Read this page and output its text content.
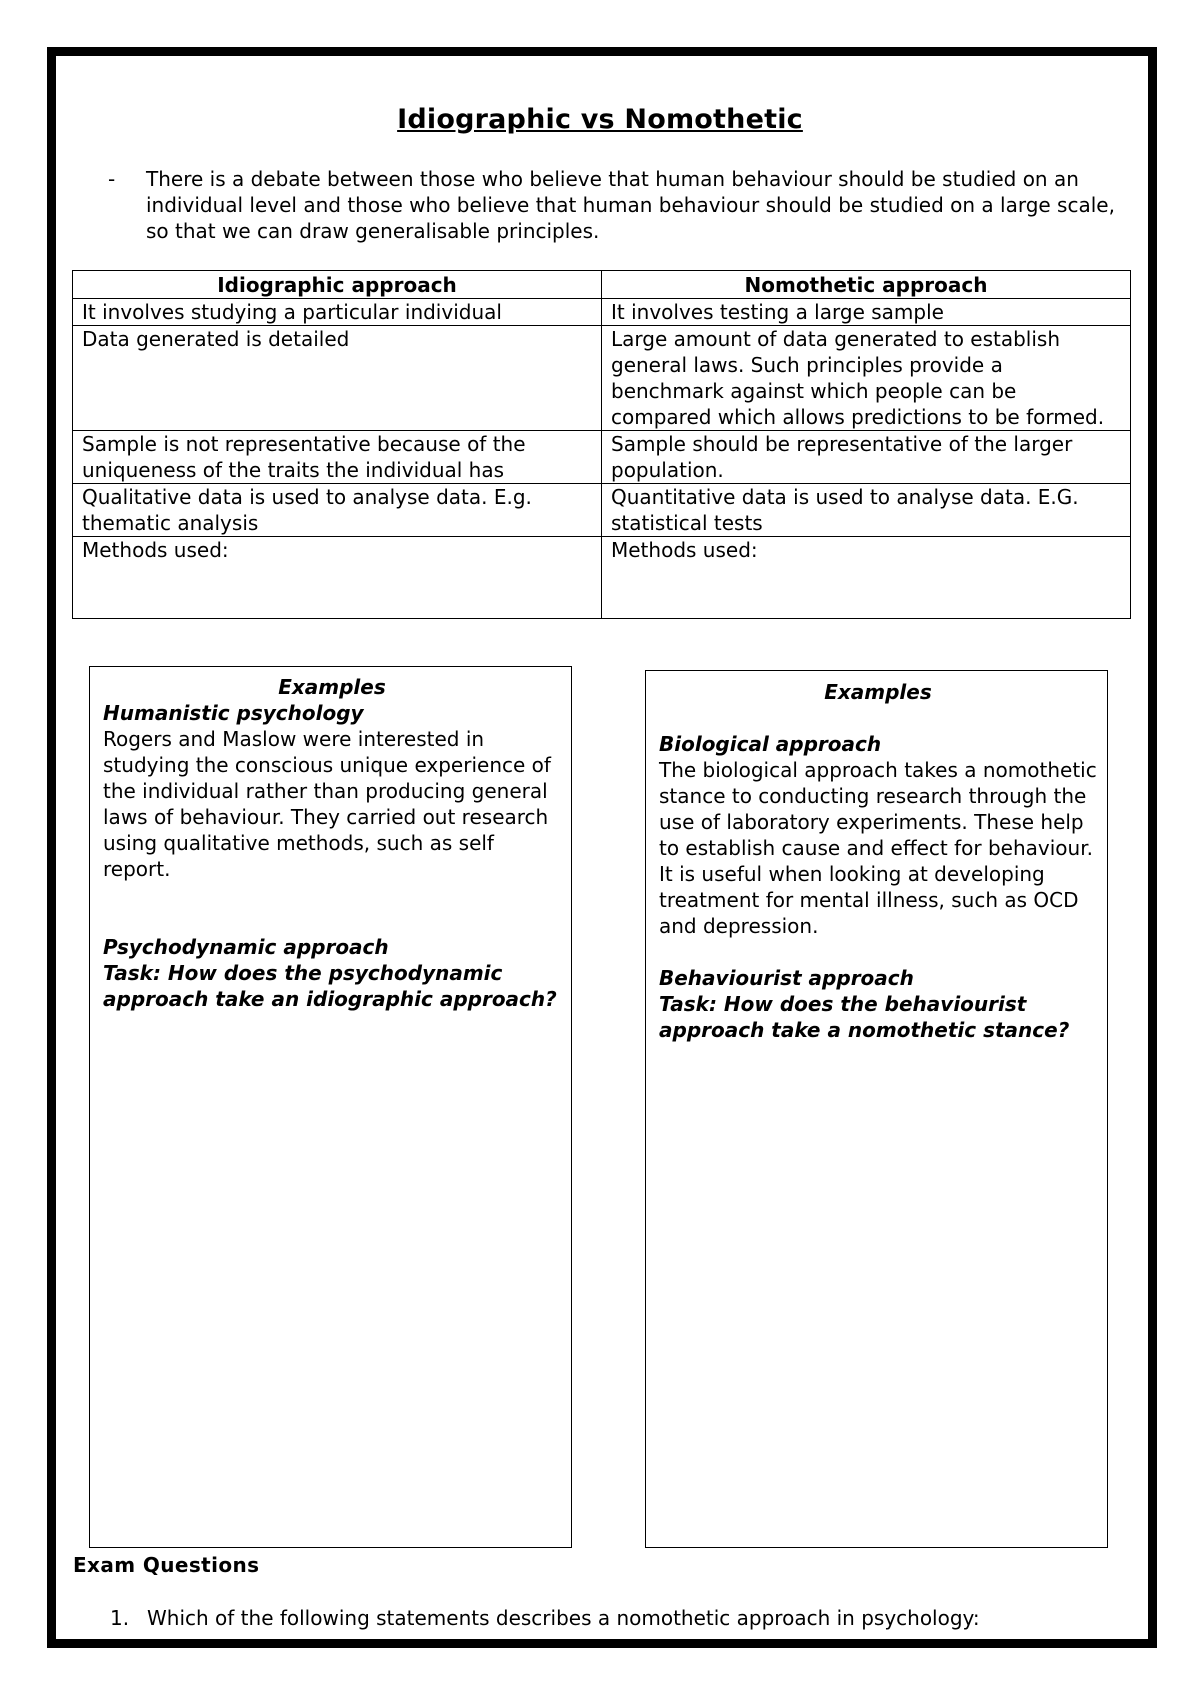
Idiographic vs Nomothetic
- There is a debate between those who believe that human behaviour should be studied on an individual level and those who believe that human behaviour should be studied on a large scale, so that we can draw generalisable principles.
Idiographic approach	Nomothetic approach
It involves studying a particular individual	It involves testing a large sample
Data generated is detailed	Large amount of data generated to establish general laws. Such principles provide a benchmark against which people can be compared which allows predictions to be formed.
Sample is not representative because of the uniqueness of the traits the individual has	Sample should be representative of the larger population.
Qualitative data is used to analyse data. E.g. thematic analysis	Quantitative data is used to analyse data. E.G. statistical tests
Methods used:	Methods used:
Examples
Humanistic psychology
Rogers and Maslow were interested in studying the conscious unique experience of the individual rather than producing general laws of behaviour. They carried out research using qualitative methods, such as self report.
Psychodynamic approach
Task: How does the psychodynamic approach take an idiographic approach?
Examples
Biological approach
The biological approach takes a nomothetic stance to conducting research through the use of laboratory experiments. These help to establish cause and effect for behaviour. It is useful when looking at developing treatment for mental illness, such as OCD and depression.
Behaviourist approach
Task: How does the behaviourist approach take a nomothetic stance?
Exam Questions
1. Which of the following statements describes a nomothetic approach in psychology:
